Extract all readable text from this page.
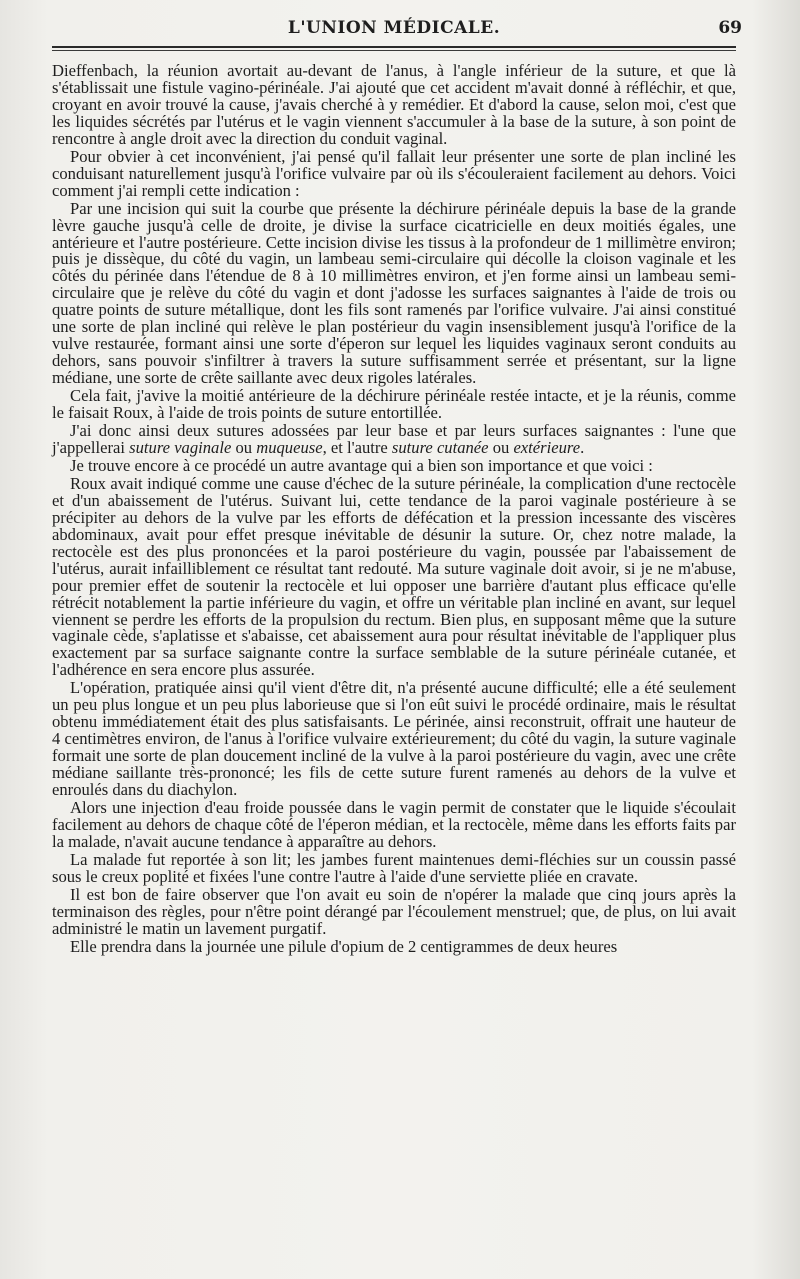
L'UNION MÉDICALE.	69

Dieffenbach, la réunion avortait au-devant de l'anus, à l'angle inférieur de la suture, et que là s'établissait une fistule vagino-périnéale. J'ai ajouté que cet accident m'avait donné à réfléchir, et que, croyant en avoir trouvé la cause, j'avais cherché à y remédier. Et d'abord la cause, selon moi, c'est que les liquides sécrétés par l'utérus et le vagin viennent s'accumuler à la base de la suture, à son point de rencontre à angle droit avec la direction du conduit vaginal.

Pour obvier à cet inconvénient, j'ai pensé qu'il fallait leur présenter une sorte de plan incliné les conduisant naturellement jusqu'à l'orifice vulvaire par où ils s'écouleraient facilement au dehors. Voici comment j'ai rempli cette indication :

Par une incision qui suit la courbe que présente la déchirure périnéale depuis la base de la grande lèvre gauche jusqu'à celle de droite, je divise la surface cicatricielle en deux moitiés égales, une antérieure et l'autre postérieure. Cette incision divise les tissus à la profondeur de 1 millimètre environ; puis je dissèque, du côté du vagin, un lambeau semi-circulaire qui décolle la cloison vaginale et les côtés du périnée dans l'étendue de 8 à 10 millimètres environ, et j'en forme ainsi un lambeau semi-circulaire que je relève du côté du vagin et dont j'adosse les surfaces saignantes à l'aide de trois ou quatre points de suture métallique, dont les fils sont ramenés par l'orifice vulvaire. J'ai ainsi constitué une sorte de plan incliné qui relève le plan postérieur du vagin insensiblement jusqu'à l'orifice de la vulve restaurée, formant ainsi une sorte d'éperon sur lequel les liquides vaginaux seront conduits au dehors, sans pouvoir s'infiltrer à travers la suture suffisamment serrée et présentant, sur la ligne médiane, une sorte de crête saillante avec deux rigoles latérales.

Cela fait, j'avive la moitié antérieure de la déchirure périnéale restée intacte, et je la réunis, comme le faisait Roux, à l'aide de trois points de suture entortillée.

J'ai donc ainsi deux sutures adossées par leur base et par leurs surfaces saignantes : l'une que j'appellerai suture vaginale ou muqueuse, et l'autre suture cutanée ou extérieure.

Je trouve encore à ce procédé un autre avantage qui a bien son importance et que voici :

Roux avait indiqué comme une cause d'échec de la suture périnéale, la complication d'une rectocèle et d'un abaissement de l'utérus. Suivant lui, cette tendance de la paroi vaginale postérieure à se précipiter au dehors de la vulve par les efforts de défécation et la pression incessante des viscères abdominaux, avait pour effet presque inévitable de désunir la suture. Or, chez notre malade, la rectocèle est des plus prononcées et la paroi postérieure du vagin, poussée par l'abaissement de l'utérus, aurait infailliblement ce résultat tant redouté. Ma suture vaginale doit avoir, si je ne m'abuse, pour premier effet de soutenir la rectocèle et lui opposer une barrière d'autant plus efficace qu'elle rétrécit notablement la partie inférieure du vagin, et offre un véritable plan incliné en avant, sur lequel viennent se perdre les efforts de la propulsion du rectum. Bien plus, en supposant même que la suture vaginale cède, s'aplatisse et s'abaisse, cet abaissement aura pour résultat inévitable de l'appliquer plus exactement par sa surface saignante contre la surface semblable de la suture périnéale cutanée, et l'adhérence en sera encore plus assurée.

L'opération, pratiquée ainsi qu'il vient d'être dit, n'a présenté aucune difficulté; elle a été seulement un peu plus longue et un peu plus laborieuse que si l'on eût suivi le procédé ordinaire, mais le résultat obtenu immédiatement était des plus satisfaisants. Le périnée, ainsi reconstruit, offrait une hauteur de 4 centimètres environ, de l'anus à l'orifice vulvaire extérieurement; du côté du vagin, la suture vaginale formait une sorte de plan doucement incliné de la vulve à la paroi postérieure du vagin, avec une crête médiane saillante très-prononcé; les fils de cette suture furent ramenés au dehors de la vulve et enroulés dans du diachylon.

Alors une injection d'eau froide poussée dans le vagin permit de constater que le liquide s'écoulait facilement au dehors de chaque côté de l'éperon médian, et la rectocèle, même dans les efforts faits par la malade, n'avait aucune tendance à apparaître au dehors.

La malade fut reportée à son lit; les jambes furent maintenues demi-fléchies sur un coussin passé sous le creux poplité et fixées l'une contre l'autre à l'aide d'une serviette pliée en cravate.

Il est bon de faire observer que l'on avait eu soin de n'opérer la malade que cinq jours après la terminaison des règles, pour n'être point dérangé par l'écoulement menstruel; que, de plus, on lui avait administré le matin un lavement purgatif.

Elle prendra dans la journée une pilule d'opium de 2 centigrammes de deux heures
